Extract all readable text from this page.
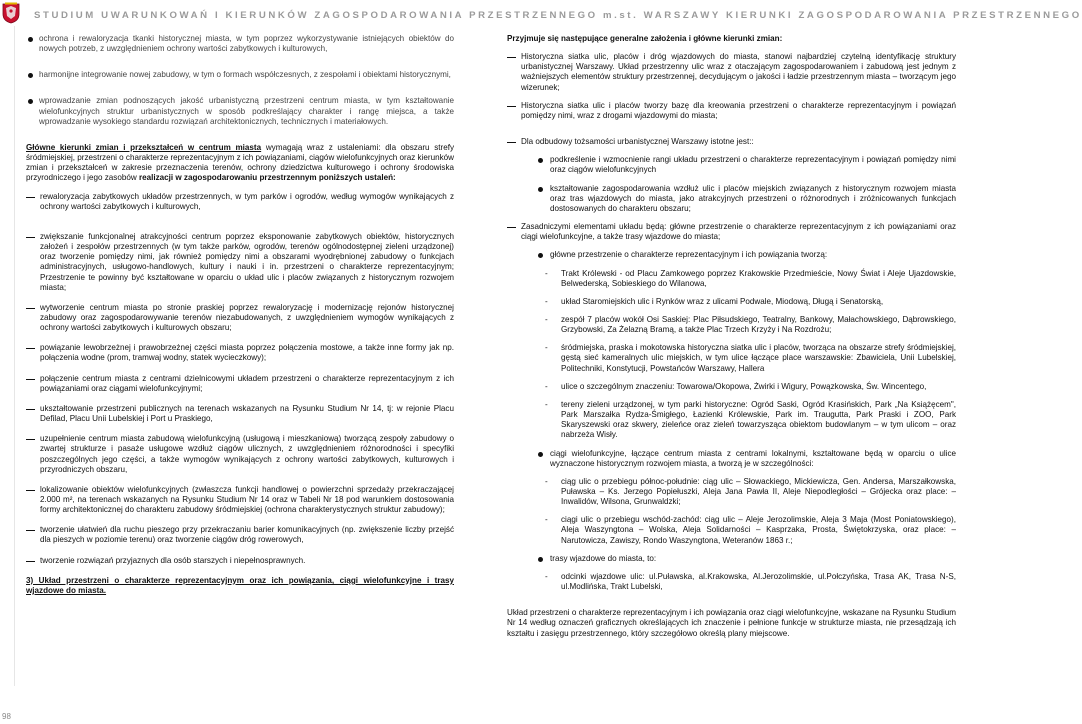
STUDIUM UWARUNKOWAŃ I KIERUNKÓW ZAGOSPODAROWANIA PRZESTRZENNEGO m.st. WARSZAWY KIERUNKI ZAGOSPODAROWANIA PRZESTRZENNEGO
98

ochrona i rewaloryzacja tkanki historycznej miasta, w tym poprzez wykorzystywanie istniejących obiektów do nowych potrzeb, z uwzględnieniem ochrony wartości zabytkowych i kulturowych,

harmonijne integrowanie nowej zabudowy, w tym o formach współczesnych, z zespołami i obiektami historycznymi,

wprowadzanie zmian podnoszących jakość urbanistyczną przestrzeni centrum miasta, w tym kształtowanie wielofunkcyjnych struktur urbanistycznych w sposób podkreślający charakter i rangę miejsca, a także wprowadzanie wysokiego standardu rozwiązań architektonicznych, technicznych i materiałowych.

Główne kierunki zmian i przekształceń w centrum miasta wymagają wraz z ustaleniami: dla obszaru strefy śródmiejskiej, przestrzeni o charakterze reprezentacyjnym z ich powiązaniami, ciągów wielofunkcyjnych oraz kierunków zmian i przekształceń w zakresie przeznaczenia terenów, ochrony dziedzictwa kulturowego i ochrony środowiska przyrodniczego i jego zasobów realizacji w zagospodarowaniu przestrzennym poniższych ustaleń:

rewaloryzacja zabytkowych układów przestrzennych, w tym parków i ogrodów, według wymogów wynikających z ochrony wartości zabytkowych i kulturowych,

zwiększanie funkcjonalnej atrakcyjności centrum poprzez eksponowanie zabytkowych obiektów, historycznych założeń i zespołów przestrzennych (w tym także parków, ogrodów, terenów ogólnodostępnej zieleni urządzonej) oraz tworzenie pomiędzy nimi, jak również pomiędzy nimi a obszarami wyodrębnionej zabudowy o funkcjach administracyjnych, usługowo-handlowych, kultury i nauki i in. przestrzeni o charakterze reprezentacyjnym; Przestrzenie te powinny być kształtowane w oparciu o układ ulic i placów związanych z historycznym rozwojem miasta;

wytworzenie centrum miasta po stronie praskiej poprzez rewaloryzację i modernizację rejonów historycznej zabudowy oraz zagospodarowywanie terenów niezabudowanych, z uwzględnieniem wymogów wynikających z ochrony wartości zabytkowych i kulturowych obszaru;

powiązanie lewobrzeżnej i prawobrzeżnej części miasta poprzez połączenia mostowe, a także inne formy jak np. połączenia wodne (prom, tramwaj wodny, statek wycieczkowy);

połączenie centrum miasta z centrami dzielnicowymi układem przestrzeni o charakterze reprezentacyjnym z ich powiązaniami oraz ciągami wielofunkcyjnymi;

ukształtowanie przestrzeni publicznych na terenach wskazanych na Rysunku Studium Nr 14, tj: w rejonie Placu Defilad, Placu Unii Lubelskiej i Port u Praskiego,

uzupełnienie centrum miasta zabudową wielofunkcyjną (usługową i mieszkaniową) tworzącą zespoły zabudowy o zwartej strukturze i pasaże usługowe wzdłuż ciągów ulicznych, z uwzględnieniem różnorodności i specyfiki poszczególnych jego części, a także wymogów wynikających z ochrony wartości zabytkowych, kulturowych i przyrodniczych obszaru,

lokalizowanie obiektów wielofunkcyjnych (zwłaszcza funkcji handlowej o powierzchni sprzedaży przekraczającej 2.000 m², na terenach wskazanych na Rysunku Studium Nr 14 oraz w Tabeli Nr 18 pod warunkiem dostosowania formy architektonicznej do charakteru zabudowy śródmiejskiej (ochrona charakterystycznych struktur zabudowy);

tworzenie ułatwień dla ruchu pieszego przy przekraczaniu barier komunikacyjnych (np. zwiększenie liczby przejść dla pieszych w poziomie terenu) oraz tworzenie ciągów dróg rowerowych,

tworzenie rozwiązań przyjaznych dla osób starszych i niepełnosprawnych.

3) Układ przestrzeni o charakterze reprezentacyjnym oraz ich powiązania, ciągi wielofunkcyjne i trasy wjazdowe do miasta.

Przyjmuje się następujące generalne założenia i główne kierunki zmian:

Historyczna siatka ulic, placów i dróg wjazdowych do miasta, stanowi najbardziej czytelną identyfikację struktury urbanistycznej Warszawy. Układ przestrzenny ulic wraz z otaczającym zagospodarowaniem i zabudową jest jednym z ważniejszych elementów struktury przestrzennej, decydującym o jakości i ładzie przestrzennym miasta – tworzącym jego wizerunek;

Historyczna siatka ulic i placów tworzy bazę dla kreowania przestrzeni o charakterze reprezentacyjnym i powiązań pomiędzy nimi, wraz z drogami wjazdowymi do miasta;

Dla odbudowy tożsamości urbanistycznej Warszawy istotne jest::

podkreślenie i wzmocnienie rangi układu przestrzeni o charakterze reprezentacyjnym i powiązań pomiędzy nimi oraz ciągów wielofunkcyjnych

kształtowanie zagospodarowania wzdłuż ulic i placów miejskich związanych z historycznym rozwojem miasta oraz tras wjazdowych do miasta, jako atrakcyjnych przestrzeni o różnorodnych i zróżnicowanych funkcjach dostosowanych do charakteru obszaru;

Zasadniczymi elementami układu będą: główne przestrzenie o charakterze reprezentacyjnym z ich powiązaniami oraz ciągi wielofunkcyjne, a także trasy wjazdowe do miasta;

główne przestrzenie o charakterze reprezentacyjnym i ich powiązania tworzą:

- Trakt Królewski - od Placu Zamkowego poprzez Krakowskie Przedmieście, Nowy Świat i Aleje Ujazdowskie, Belwederską, Sobieskiego do Wilanowa,

- układ Staromiejskich ulic i Rynków wraz z ulicami Podwale, Miodową, Długą i Senatorską,

- zespół 7 placów wokół Osi Saskiej: Plac Piłsudskiego, Teatralny, Bankowy, Małachowskiego, Dąbrowskiego, Grzybowski, Za Żelazną Bramą, a także Plac Trzech Krzyży i Na Rozdrożu;

- śródmiejska, praska i mokotowska historyczna siatka ulic i placów, tworząca na obszarze strefy śródmiejskiej, gęstą sieć kameralnych ulic miejskich, w tym ulice łączące place warszawskie: Zbawiciela, Unii Lubelskiej, Politechniki, Konstytucji, Powstańców Warszawy, Hallera

- ulice o szczególnym znaczeniu: Towarowa/Okopowa, Żwirki i Wigury, Powązkowska, Św. Wincentego,

- tereny zieleni urządzonej, w tym parki historyczne: Ogród Saski, Ogród Krasińskich, Park „Na Książęcem", Park Marszałka Rydza-Śmigłego, Łazienki Królewskie, Park im. Traugutta, Park Praski i ZOO, Park Skaryszewski oraz skwery, zieleńce oraz zieleń towarzysząca obiektom budowlanym – w tym ulicom – oraz nabrzeża Wisły.

ciągi wielofunkcyjne, łączące centrum miasta z centrami lokalnymi, kształtowane będą w oparciu o ulice wyznaczone historycznym rozwojem miasta, a tworzą je w szczególności:

- ciąg ulic o przebiegu północ-południe: ciąg ulic – Słowackiego, Mickiewicza, Gen. Andersa, Marszałkowska, Puławska – Ks. Jerzego Popiełuszki, Aleja Jana Pawła II, Aleje Niepodległości – Grójecka oraz place: – Inwalidów, Wilsona, Grunwaldzki;

- ciągi ulic o przebiegu wschód-zachód: ciąg ulic – Aleje Jerozolimskie, Aleja 3 Maja (Most Poniatowskiego), Aleja Waszyngtona – Wolska, Aleja Solidarności – Kasprzaka, Prosta, Świętokrzyska, oraz place: – Narutowicza, Zawiszy, Rondo Waszyngtona, Weteranów 1863 r.;

trasy wjazdowe do miasta, to:

- odcinki wjazdowe ulic: ul.Puławska, al.Krakowska, Al.Jerozolimskie, ul.Połczyńska, Trasa AK, Trasa N-S, ul.Modlińska, Trakt Lubelski,

Układ przestrzeni o charakterze reprezentacyjnym i ich powiązania oraz ciągi wielofunkcyjne, wskazane na Rysunku Studium Nr 14 według oznaczeń graficznych określających ich znaczenie i pełnione funkcje w strukturze miasta, nie przesądzają ich kształtu i zasięgu przestrzennego, który szczegółowo określą plany miejscowe.
